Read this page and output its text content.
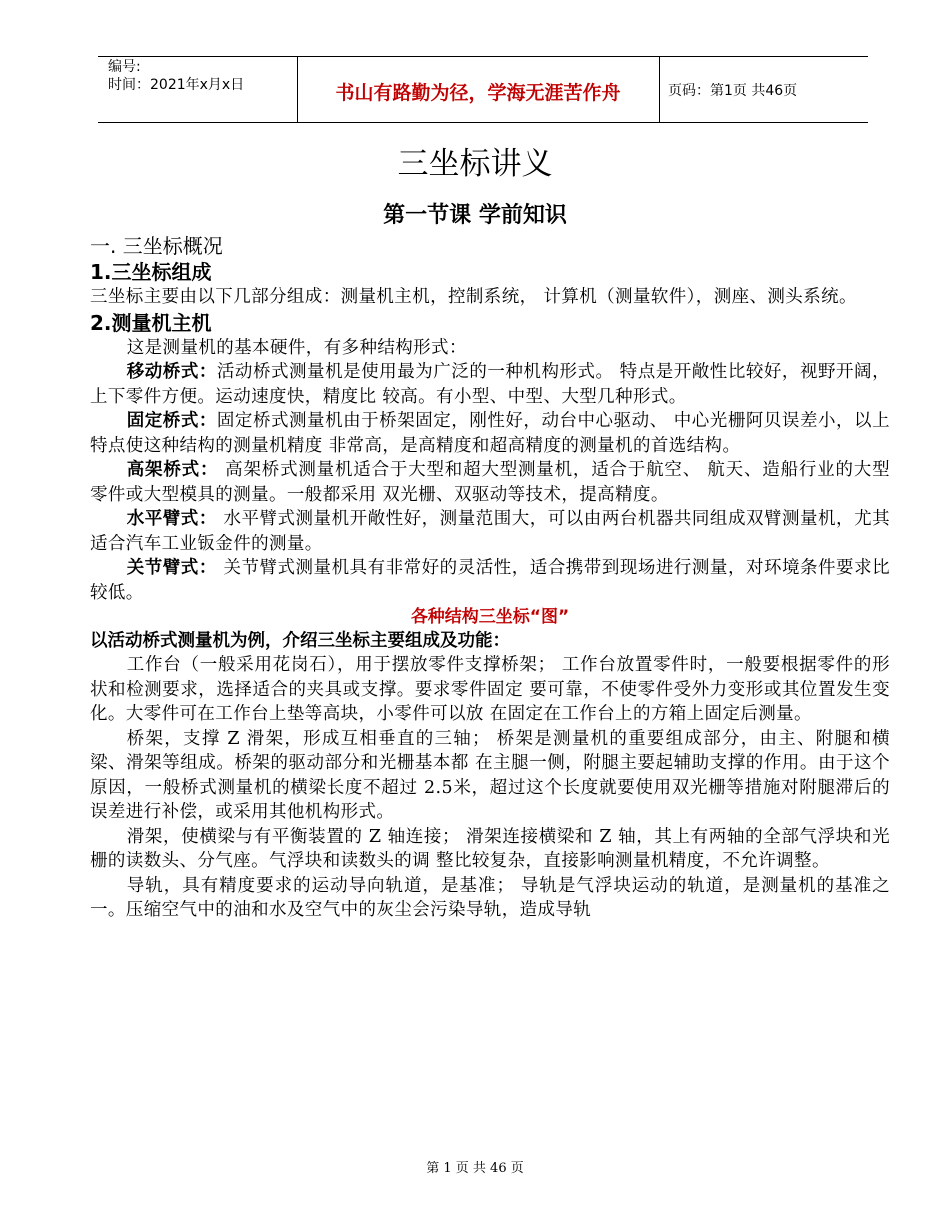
编号:
时间：2021年x月x日	书山有路勤为径，学海无涯苦作舟	页码：第1页 共46页
三坐标讲义
第一节课 学前知识

一. 三坐标概况

1.三坐标组成

三坐标主要由以下几部分组成：测量机主机，控制系统， 计算机（测量软件），测座、测头系统。

2.测量机主机

这是测量机的基本硬件，有多种结构形式：

移动桥式：活动桥式测量机是使用最为广泛的一种机构形式。 特点是开敞性比较好，视野开阔，上下零件方便。运动速度快，精度比 较高。有小型、中型、大型几种形式。

固定桥式：固定桥式测量机由于桥架固定，刚性好，动台中心驱动、 中心光栅阿贝误差小，以上特点使这种结构的测量机精度 非常高，是高精度和超高精度的测量机的首选结构。

高架桥式： 高架桥式测量机适合于大型和超大型测量机，适合于航空、 航天、造船行业的大型零件或大型模具的测量。一般都采用 双光栅、双驱动等技术，提高精度。

水平臂式： 水平臂式测量机开敞性好，测量范围大，可以由两台机器共同组成双臂测量机，尤其适合汽车工业钣金件的测量。

关节臂式： 关节臂式测量机具有非常好的灵活性，适合携带到现场进行测量，对环境条件要求比较低。

各种结构三坐标“图”

以活动桥式测量机为例，介绍三坐标主要组成及功能：

工作台（一般采用花岗石），用于摆放零件支撑桥架； 工作台放置零件时，一般要根据零件的形状和检测要求，选择适合的夹具或支撑。要求零件固定 要可靠，不使零件受外力变形或其位置发生变化。大零件可在工作台上垫等高块，小零件可以放 在固定在工作台上的方箱上固定后测量。

桥架，支撑 Z 滑架，形成互相垂直的三轴； 桥架是测量机的重要组成部分，由主、附腿和横梁、滑架等组成。桥架的驱动部分和光栅基本都 在主腿一侧，附腿主要起辅助支撑的作用。由于这个原因，一般桥式测量机的横梁长度不超过 2.5米，超过这个长度就要使用双光栅等措施对附腿滞后的误差进行补偿，或采用其他机构形式。

滑架，使横梁与有平衡装置的 Z 轴连接； 滑架连接横梁和 Z 轴，其上有两轴的全部气浮块和光栅的读数头、分气座。气浮块和读数头的调 整比较复杂，直接影响测量机精度，不允许调整。

导轨，具有精度要求的运动导向轨道，是基准； 导轨是气浮块运动的轨道，是测量机的基准之一。压缩空气中的油和水及空气中的灰尘会污染导轨，造成导轨

第 1 页 共 46 页
